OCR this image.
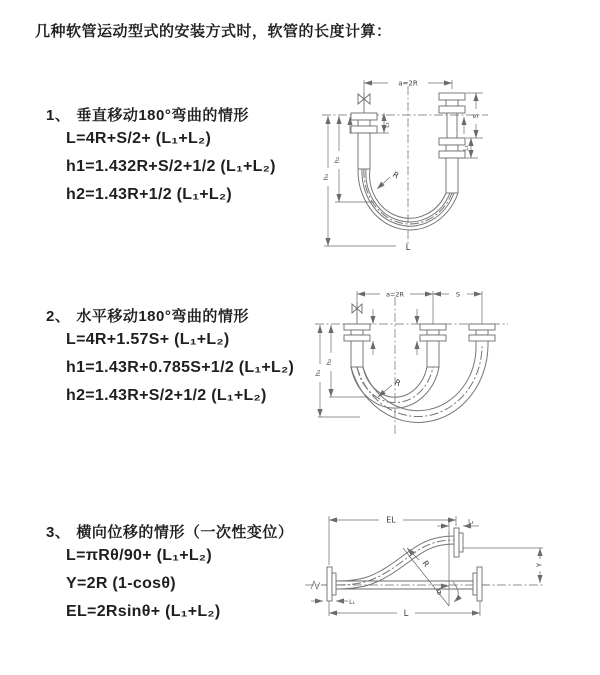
几种软管运动型式的安装方式时，软管的长度计算：
1、 垂直移动180°弯曲的情形
L=4R+S/2+ (L₁+L₂)
h1=1.432R+S/2+1/2 (L₁+L₂)
h2=1.43R+1/2 (L₁+L₂)
2、 水平移动180°弯曲的情形
L=4R+1.57S+ (L₁+L₂)
h1=1.43R+0.785S+1/2 (L₁+L₂)
h2=1.43R+S/2+1/2 (L₁+L₂)
3、 横向位移的情形（一次性变位）
L=πRθ/90+ (L₁+L₂)
Y=2R (1-cosθ)
EL=2Rsinθ+ (L₁+L₂)
a=2R
L₁
S
L₁
h₁
h₂
R
L
a=2R	S
h₁
h₂
R
EL	L₁
Y
L
L₁
R
θ
